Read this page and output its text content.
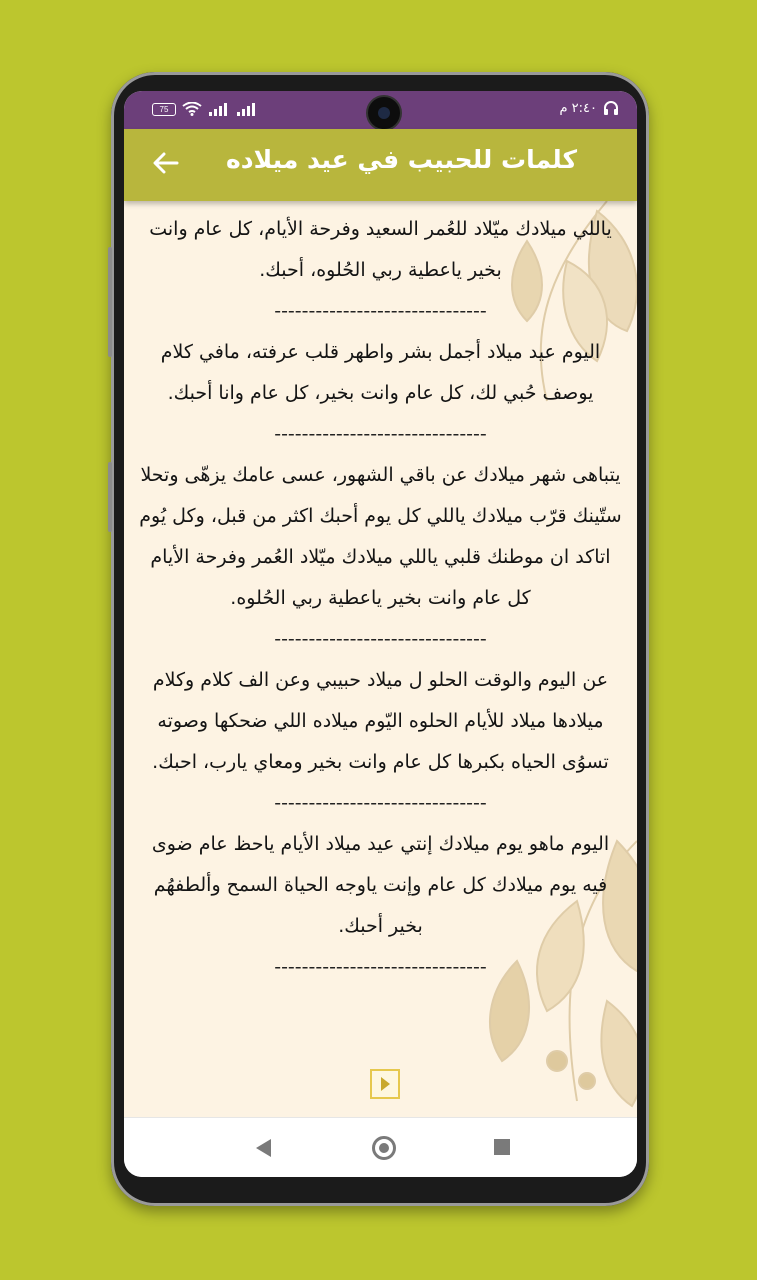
75	٢:٤٠ م
كلمات للحبيب في عيد ميلاده

ياللي ميلادك ميّلاد للعُمر السعيد وفرحة الأيام، كل عام وانت بخير ياعطية ربي الحُلوه، أحبك.

-------------------------------

اليوم عيد ميلاد أجمل بشر واطهر قلب عرفته، مافي كلام يوصف حُبي لك، كل عام وانت بخير، كل عام وانا أحبك.

-------------------------------

يتباهى شهر ميلادك عن باقي الشهور، عسى عامك يزهّى وتحلا ستّينك قرّب ميلادك ياللي كل يوم أحبك اكثر من قبل، وكل يُوم اتاكد ان موطنك قلبي ياللي ميلادك ميّلاد العُمر وفرحة الأيام كل عام وانت بخير ياعطية ربي الحُلوه.

-------------------------------

عن اليوم والوقت الحلو ل ميلاد حبيبي وعن الف كلام وكلام ميلادها ميلاد للأيام الحلوه اليّوم ميلاده اللي ضحكها وصوته تسوُى الحياه بكبرها كل عام وانت بخير ومعاي يارب، احبك.

-------------------------------

اليوم ماهو يوم ميلادك إنتي عيد ميلاد الأيام ياحظ عام ضوى فيه يوم ميلادك كل عام وإنت ياوجه الحياة السمح وألطفهُم بخير أحبك.

-------------------------------
